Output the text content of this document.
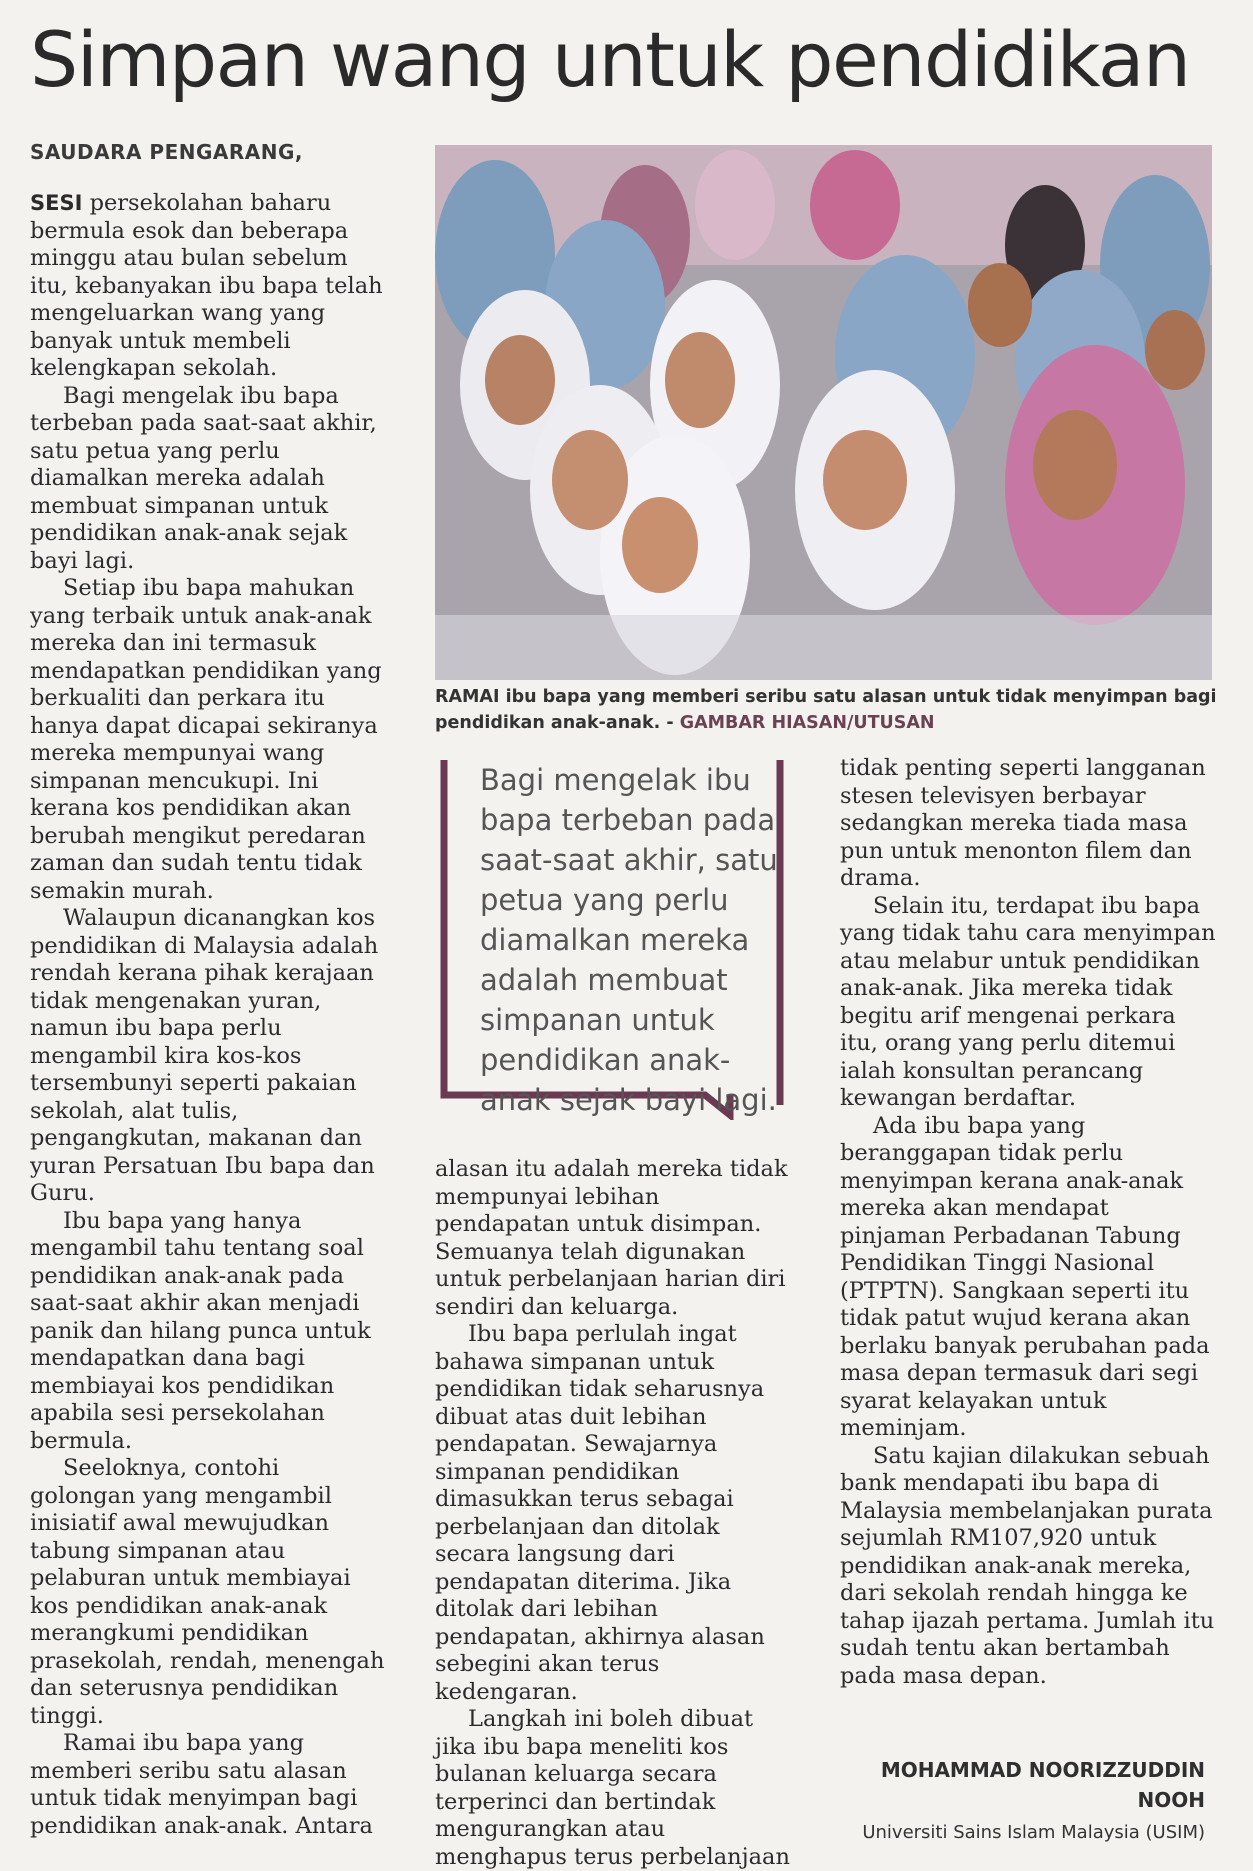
Simpan wang untuk pendidikan

SAUDARA PENGARANG,

SESI persekolahan baharu bermula esok dan beberapa minggu atau bulan sebelum itu, kebanyakan ibu bapa telah mengeluarkan wang yang banyak untuk membeli kelengkapan sekolah.

Bagi mengelak ibu bapa terbeban pada saat-saat akhir, satu petua yang perlu diamalkan mereka adalah membuat simpanan untuk pendidikan anak-anak sejak bayi lagi.

Setiap ibu bapa mahukan yang terbaik untuk anak-anak mereka dan ini termasuk mendapatkan pendidikan yang berkualiti dan perkara itu hanya dapat dicapai sekiranya mereka mempunyai wang simpanan mencukupi. Ini kerana kos pendidikan akan berubah mengikut peredaran zaman dan sudah tentu tidak semakin murah.

Walaupun dicanangkan kos pendidikan di Malaysia adalah rendah kerana pihak kerajaan tidak mengenakan yuran, namun ibu bapa perlu mengambil kira kos-kos tersembunyi seperti pakaian sekolah, alat tulis, pengangkutan, makanan dan yuran Persatuan Ibu bapa dan Guru.

Ibu bapa yang hanya mengambil tahu tentang soal pendidikan anak-anak pada saat-saat akhir akan menjadi panik dan hilang punca untuk mendapatkan dana bagi membiayai kos pendidikan apabila sesi persekolahan bermula.

Seeloknya, contohi golongan yang mengambil inisiatif awal mewujudkan tabung simpanan atau pelaburan untuk membiayai kos pendidikan anak-anak merangkumi pendidikan prasekolah, rendah, menengah dan seterusnya pendidikan tinggi.

Ramai ibu bapa yang memberi seribu satu alasan untuk tidak menyimpan bagi pendidikan anak-anak. Antara

RAMAI ibu bapa yang memberi seribu satu alasan untuk tidak menyimpan bagi pendidikan anak-anak. - GAMBAR HIASAN/UTUSAN

Bagi mengelak ibu bapa terbeban pada saat-saat akhir, satu petua yang perlu diamalkan mereka adalah membuat simpanan untuk pendidikan anak-anak sejak bayi lagi.

alasan itu adalah mereka tidak mempunyai lebihan pendapatan untuk disimpan. Semuanya telah digunakan untuk perbelanjaan harian diri sendiri dan keluarga.

Ibu bapa perlulah ingat bahawa simpanan untuk pendidikan tidak seharusnya dibuat atas duit lebihan pendapatan. Sewajarnya simpanan pendidikan dimasukkan terus sebagai perbelanjaan dan ditolak secara langsung dari pendapatan diterima. Jika ditolak dari lebihan pendapatan, akhirnya alasan sebegini akan terus kedengaran.

Langkah ini boleh dibuat jika ibu bapa meneliti kos bulanan keluarga secara terperinci dan bertindak mengurangkan atau menghapus terus perbelanjaan

tidak penting seperti langganan stesen televisyen berbayar sedangkan mereka tiada masa pun untuk menonton filem dan drama.

Selain itu, terdapat ibu bapa yang tidak tahu cara menyimpan atau melabur untuk pendidikan anak-anak. Jika mereka tidak begitu arif mengenai perkara itu, orang yang perlu ditemui ialah konsultan perancang kewangan berdaftar.

Ada ibu bapa yang beranggapan tidak perlu menyimpan kerana anak-anak mereka akan mendapat pinjaman Perbadanan Tabung Pendidikan Tinggi Nasional (PTPTN). Sangkaan seperti itu tidak patut wujud kerana akan berlaku banyak perubahan pada masa depan termasuk dari segi syarat kelayakan untuk meminjam.

Satu kajian dilakukan sebuah bank mendapati ibu bapa di Malaysia membelanjakan purata sejumlah RM107,920 untuk pendidikan anak-anak mereka, dari sekolah rendah hingga ke tahap ijazah pertama. Jumlah itu sudah tentu akan bertambah pada masa depan.

MOHAMMAD NOORIZZUDDIN NOOH

Universiti Sains Islam Malaysia (USIM)
